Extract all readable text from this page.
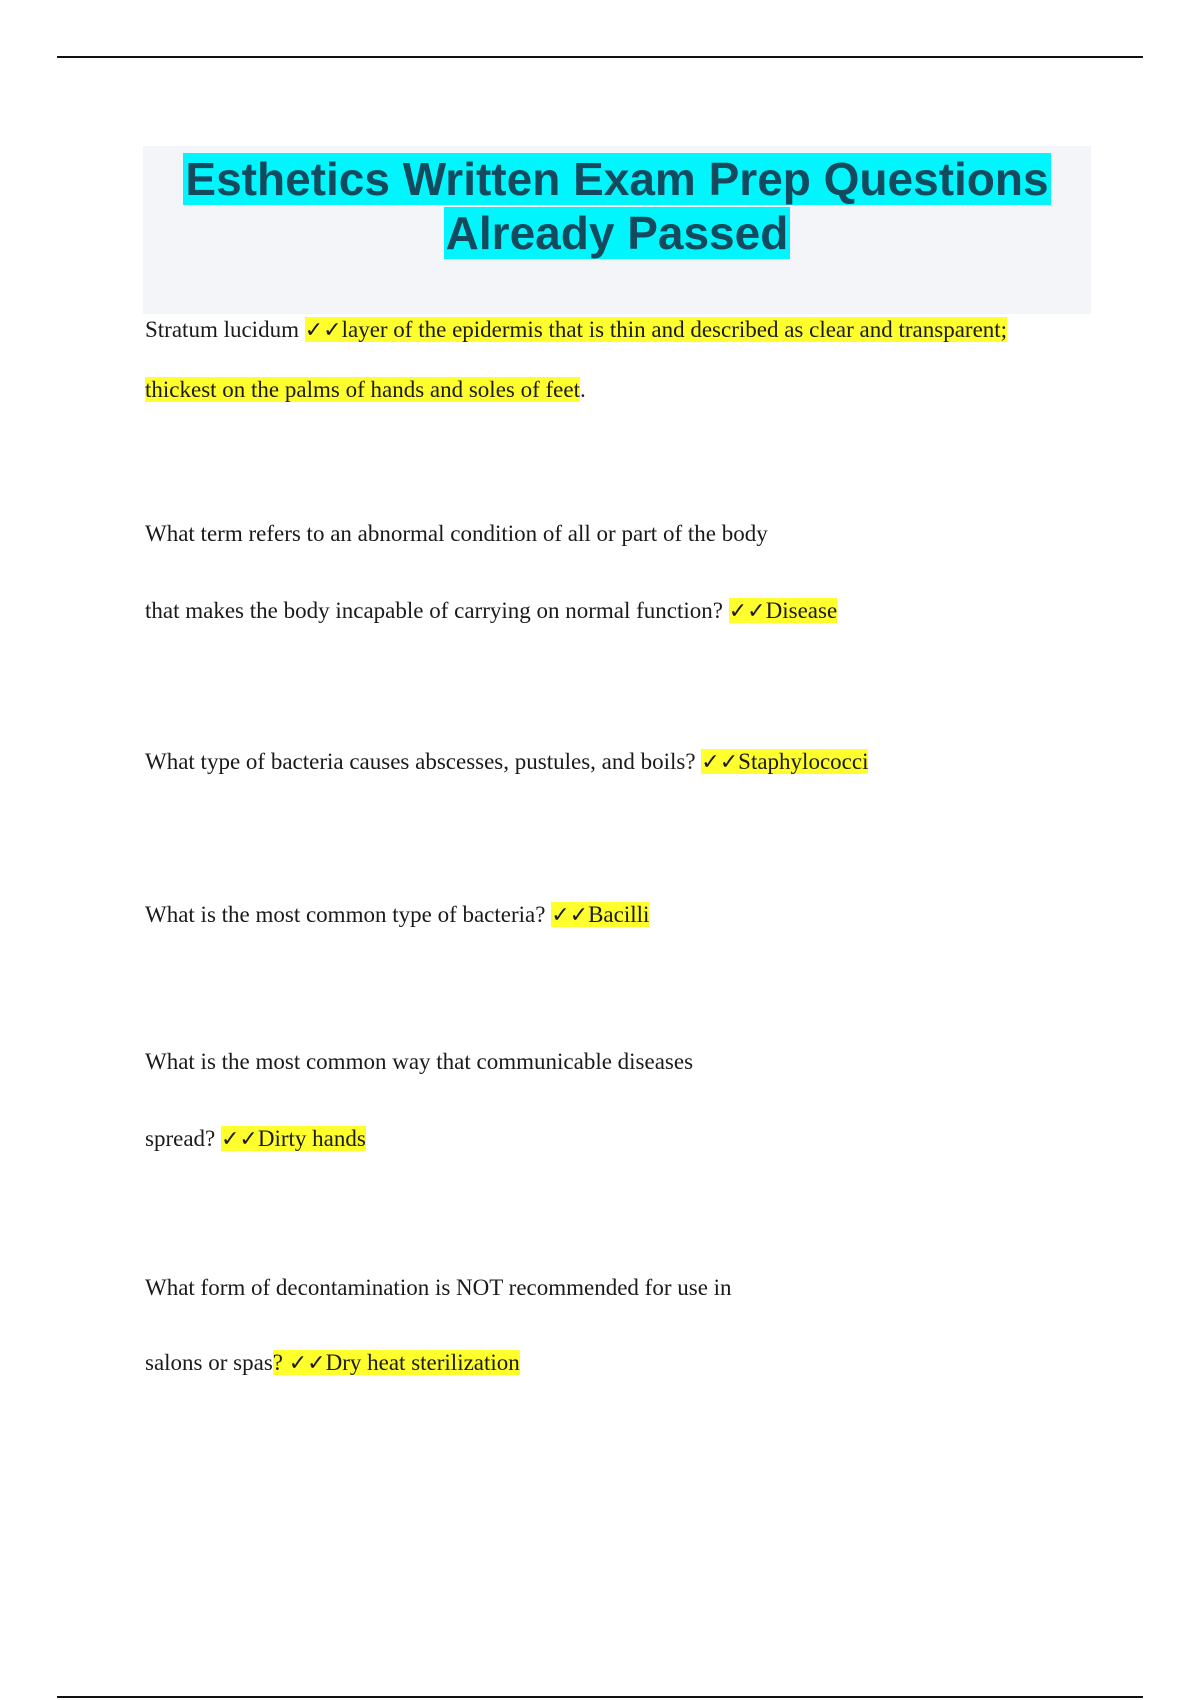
Esthetics Written Exam Prep Questions
Already Passed
Stratum lucidum ✓✓layer of the epidermis that is thin and described as clear and transparent;
thickest on the palms of hands and soles of feet.
What term refers to an abnormal condition of all or part of the body
that makes the body incapable of carrying on normal function? ✓✓Disease
What type of bacteria causes abscesses, pustules, and boils? ✓✓Staphylococci
What is the most common type of bacteria? ✓✓Bacilli
What is the most common way that communicable diseases
spread? ✓✓Dirty hands
What form of decontamination is NOT recommended for use in
salons or spas? ✓✓Dry heat sterilization
